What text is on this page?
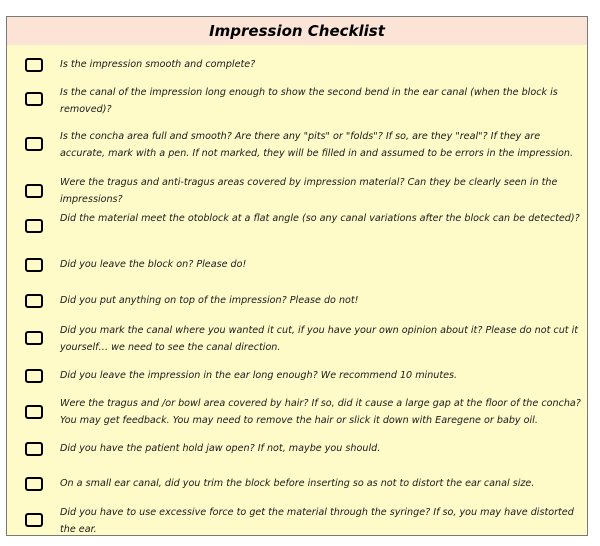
Impression Checklist
Is the impression smooth and complete?
Is the canal of the impression long enough to show the second bend in the ear canal (when the block is removed)?
Is the concha area full and smooth? Are there any "pits" or "folds"? If so, are they "real"? If they are accurate, mark with a pen. If not marked, they will be filled in and assumed to be errors in the impression.
Were the tragus and anti-tragus areas covered by impression material? Can they be clearly seen in the impressions?
Did the material meet the otoblock at a flat angle (so any canal variations after the block can be detected)?
Did you leave the block on? Please do!
Did you put anything on top of the impression? Please do not!
Did you mark the canal where you wanted it cut, if you have your own opinion about it? Please do not cut it yourself… we need to see the canal direction.
Did you leave the impression in the ear long enough? We recommend 10 minutes.
Were the tragus and /or bowl area covered by hair? If so, did it cause a large gap at the floor of the concha? You may get feedback. You may need to remove the hair or slick it down with Earegene or baby oil.
Did you have the patient hold jaw open? If not, maybe you should.
On a small ear canal, did you trim the block before inserting so as not to distort the ear canal size.
Did you have to use excessive force to get the material through the syringe? If so, you may have distorted the ear.
